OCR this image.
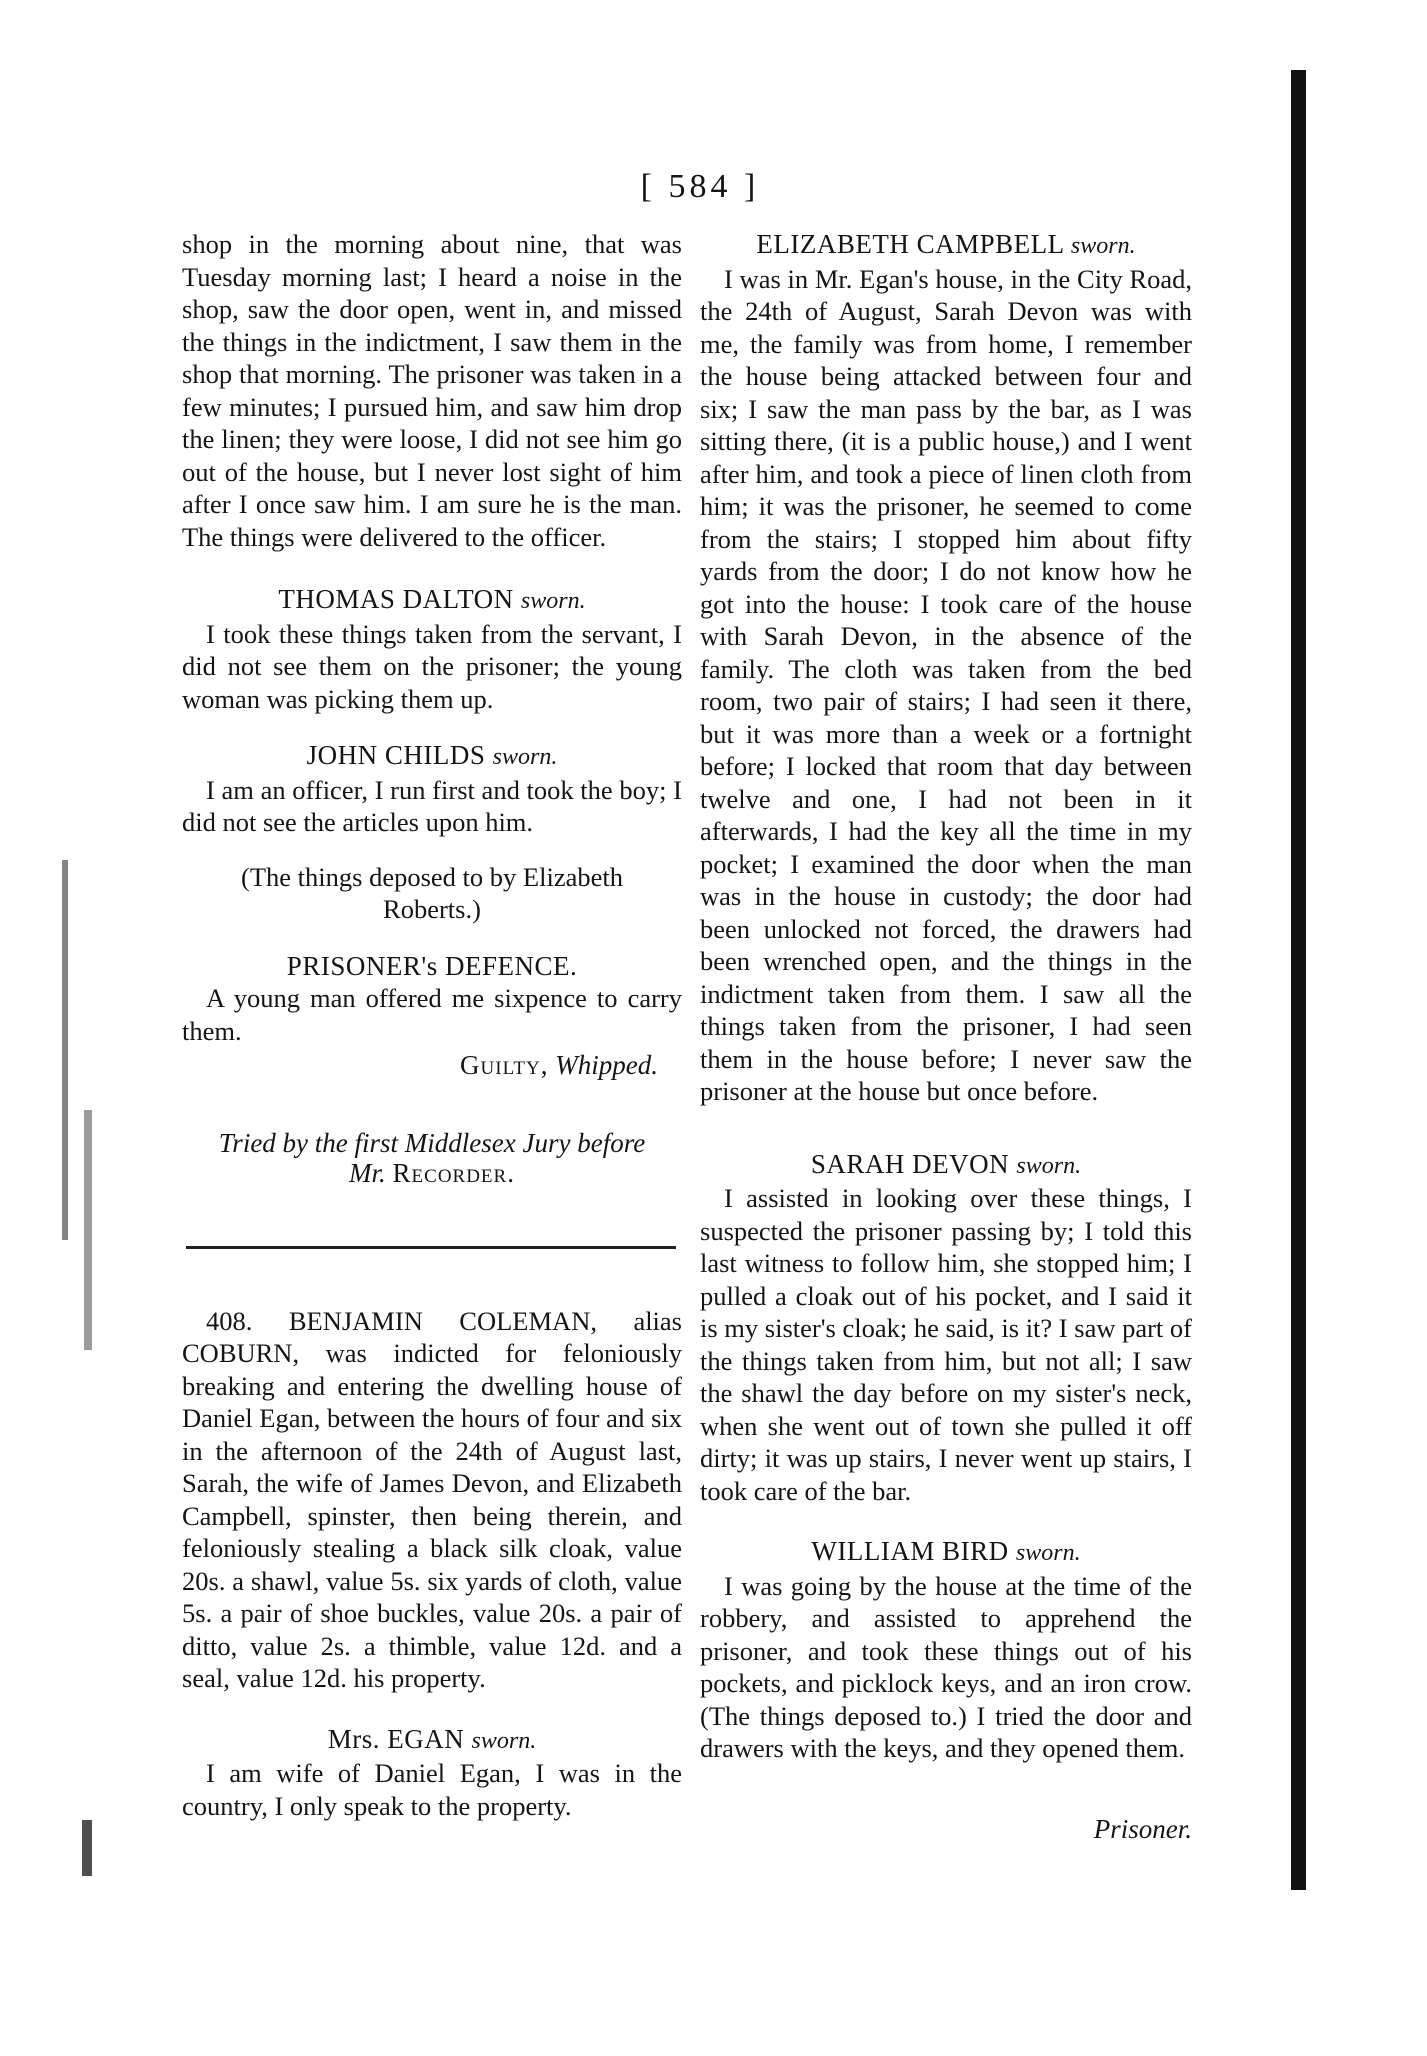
[ 584 ]

shop in the morning about nine, that was Tuesday morning last; I heard a noise in the shop, saw the door open, went in, and missed the things in the indictment, I saw them in the shop that morning. The prisoner was taken in a few minutes; I pursued him, and saw him drop the linen; they were loose, I did not see him go out of the house, but I never lost sight of him after I once saw him. I am sure he is the man. The things were delivered to the officer.

THOMAS DALTON sworn.

I took these things taken from the servant, I did not see them on the prisoner; the young woman was picking them up.

JOHN CHILDS sworn.

I am an officer, I run first and took the boy; I did not see the articles upon him.

(The things deposed to by Elizabeth Roberts.)

PRISONER's DEFENCE.

A young man offered me sixpence to carry them.

Guilty, Whipped.
Tried by the first Middlesex Jury before
Mr. Recorder.

408. BENJAMIN COLEMAN, alias COBURN, was indicted for feloniously breaking and entering the dwelling house of Daniel Egan, between the hours of four and six in the afternoon of the 24th of August last, Sarah, the wife of James Devon, and Elizabeth Campbell, spinster, then being therein, and feloniously stealing a black silk cloak, value 20s. a shawl, value 5s. six yards of cloth, value 5s. a pair of shoe buckles, value 20s. a pair of ditto, value 2s. a thimble, value 12d. and a seal, value 12d. his property.

Mrs. EGAN sworn.

I am wife of Daniel Egan, I was in the country, I only speak to the property.

ELIZABETH CAMPBELL sworn.

I was in Mr. Egan's house, in the City Road, the 24th of August, Sarah Devon was with me, the family was from home, I remember the house being attacked between four and six; I saw the man pass by the bar, as I was sitting there, (it is a public house,) and I went after him, and took a piece of linen cloth from him; it was the prisoner, he seemed to come from the stairs; I stopped him about fifty yards from the door; I do not know how he got into the house: I took care of the house with Sarah Devon, in the absence of the family. The cloth was taken from the bed room, two pair of stairs; I had seen it there, but it was more than a week or a fortnight before; I locked that room that day between twelve and one, I had not been in it afterwards, I had the key all the time in my pocket; I examined the door when the man was in the house in custody; the door had been unlocked not forced, the drawers had been wrenched open, and the things in the indictment taken from them. I saw all the things taken from the prisoner, I had seen them in the house before; I never saw the prisoner at the house but once before.

SARAH DEVON sworn.

I assisted in looking over these things, I suspected the prisoner passing by; I told this last witness to follow him, she stopped him; I pulled a cloak out of his pocket, and I said it is my sister's cloak; he said, is it? I saw part of the things taken from him, but not all; I saw the shawl the day before on my sister's neck, when she went out of town she pulled it off dirty; it was up stairs, I never went up stairs, I took care of the bar.

WILLIAM BIRD sworn.

I was going by the house at the time of the robbery, and assisted to apprehend the prisoner, and took these things out of his pockets, and picklock keys, and an iron crow. (The things deposed to.) I tried the door and drawers with the keys, and they opened them.

Prisoner.
